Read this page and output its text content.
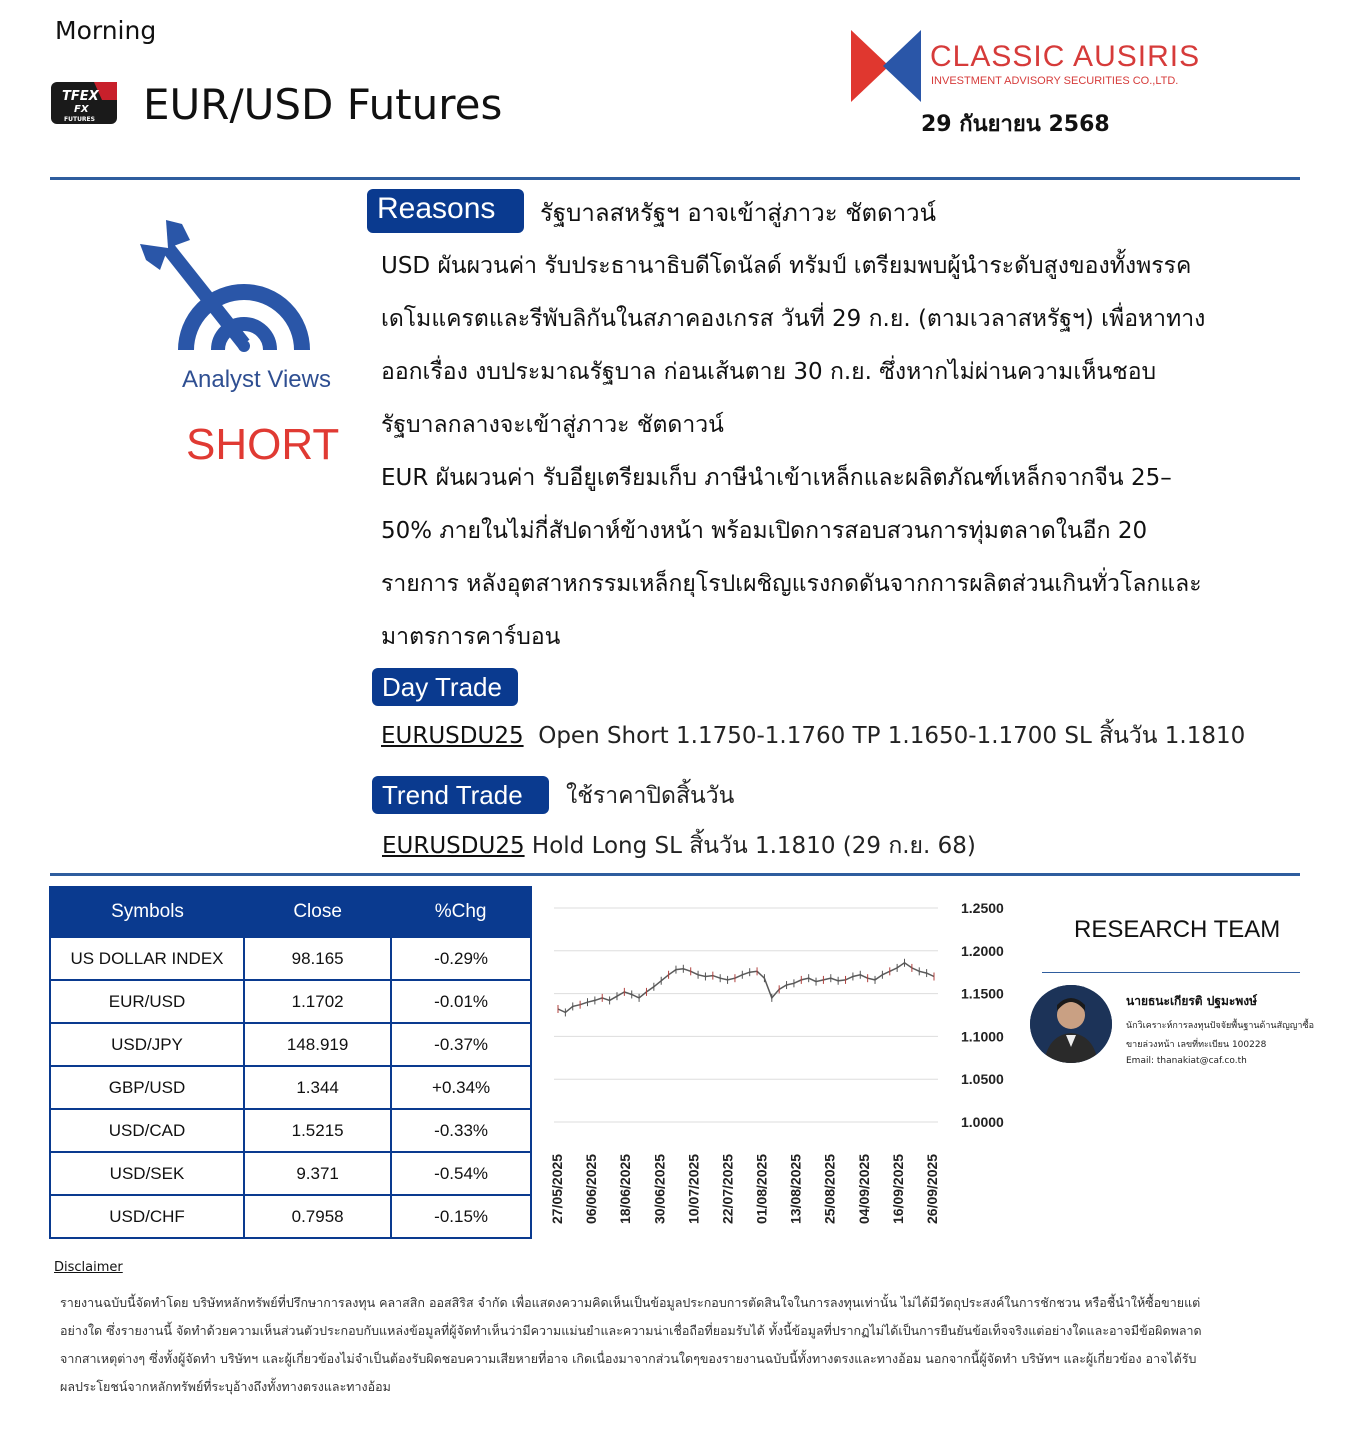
Morning
TFEX
FX
FUTURES EUR/USD Futures
CLASSIC AUSIRIS
INVESTMENT ADVISORY SECURITIES CO.,LTD.
29 กันยายน 2568
Analyst Views
SHORT
Reasons	รัฐบาลสหรัฐฯ อาจเข้าสู่ภาวะ ชัตดาวน์
USD ผันผวนค่า รับประธานาธิบดีโดนัลด์ ทรัมป์ เตรียมพบผู้นำระดับสูงของทั้งพรรค
เดโมแครตและรีพับลิกันในสภาคองเกรส วันที่ 29 ก.ย. (ตามเวลาสหรัฐฯ) เพื่อหาทาง
ออกเรื่อง งบประมาณรัฐบาล ก่อนเส้นตาย 30 ก.ย. ซึ่งหากไม่ผ่านความเห็นชอบ
รัฐบาลกลางจะเข้าสู่ภาวะ ชัตดาวน์
EUR ผันผวนค่า รับอียูเตรียมเก็บ ภาษีนำเข้าเหล็กและผลิตภัณฑ์เหล็กจากจีน 25–
50% ภายในไม่กี่สัปดาห์ข้างหน้า พร้อมเปิดการสอบสวนการทุ่มตลาดในอีก 20
รายการ หลังอุตสาหกรรมเหล็กยุโรปเผชิญแรงกดดันจากการผลิตส่วนเกินทั่วโลกและ
มาตรการคาร์บอน
Day Trade
EURUSDU25 Open Short 1.1750-1.1760 TP 1.1650-1.1700 SL สิ้นวัน 1.1810
Trend Trade	ใช้ราคาปิดสิ้นวัน
EURUSDU25 Hold Long SL สิ้นวัน 1.1810 (29 ก.ย. 68)
Symbols	Close	%Chg
US DOLLAR INDEX	98.165	-0.29%
EUR/USD	1.1702	-0.01%
USD/JPY	148.919	-0.37%
GBP/USD	1.344	+0.34%
USD/CAD	1.5215	-0.33%
USD/SEK	9.371	-0.54%
USD/CHF	0.7958	-0.15%
1.2500
1.2000
1.1500
1.1000
1.0500
1.0000
27/05/2025 06/06/2025 18/06/2025 30/06/2025 10/07/2025 22/07/2025 01/08/2025 13/08/2025 25/08/2025 04/09/2025 16/09/2025 26/09/2025
RESEARCH TEAM
นายธนะเกียรติ ปฐมะพงษ์
นักวิเคราะห์การลงทุนปัจจัยพื้นฐานด้านสัญญาซื้อ
ขายล่วงหน้า เลขที่ทะเบียน 100228
Email: thanakiat@caf.co.th
Disclaimer
รายงานฉบับนี้จัดทำโดย บริษัทหลักทรัพย์ที่ปรึกษาการลงทุน คลาสสิก ออสสิริส จำกัด เพื่อแสดงความคิดเห็นเป็นข้อมูลประกอบการตัดสินใจในการลงทุนเท่านั้น ไม่ได้มีวัตถุประสงค์ในการชักชวน หรือชี้นำให้ซื้อขายแต่
อย่างใด ซึ่งรายงานนี้ จัดทำด้วยความเห็นส่วนตัวประกอบกับแหล่งข้อมูลที่ผู้จัดทำเห็นว่ามีความแม่นยำและความน่าเชื่อถือที่ยอมรับได้ ทั้งนี้ข้อมูลที่ปรากฏไม่ได้เป็นการยืนยันข้อเท็จจริงแต่อย่างใดและอาจมีข้อผิดพลาด
จากสาเหตุต่างๆ ซึ่งทั้งผู้จัดทำ บริษัทฯ และผู้เกี่ยวข้องไม่จำเป็นต้องรับผิดชอบความเสียหายที่อาจ เกิดเนื่องมาจากส่วนใดๆของรายงานฉบับนี้ทั้งทางตรงและทางอ้อม นอกจากนี้ผู้จัดทำ บริษัทฯ และผู้เกี่ยวข้อง อาจได้รับ
ผลประโยชน์จากหลักทรัพย์ที่ระบุอ้างถึงทั้งทางตรงและทางอ้อม
